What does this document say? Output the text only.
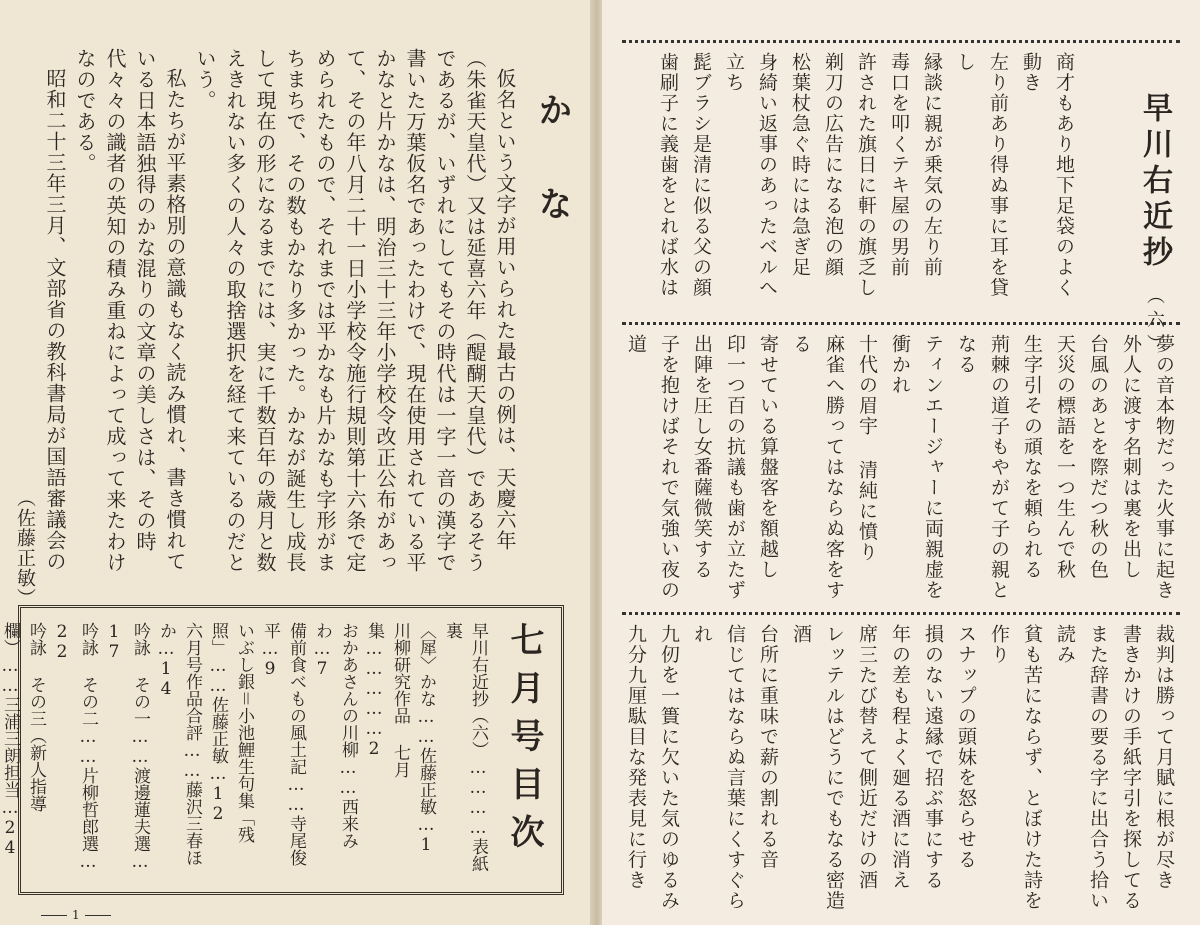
仮名という文字が用いられた最古の例は、天慶六年（朱雀天皇代）又は延喜六年（醍醐天皇代）であるそうであるが、いずれにしてもその時代は一字一音の漢字で書いた万葉仮名であったわけで、現在使用されている平かなと片かなは、明治三十三年小学校令改正公布があって、その年八月二十一日小学校令施行規則第十六条で定められたもので、それまでは平かなも片かなも字形がまちまちで、その数もかなり多かった。かなが誕生し成長して現在の形になるまでには、実に千数百年の歳月と数えきれない多くの人々の取捨選択を経て来ているのだという。

私たちが平素格別の意識もなく読み慣れ、書き慣れている日本語独得のかな混りの文章の美しさは、その時代々々の識者の英知の積み重ねによって成って来たわけなのである。

昭和二十三年三月、文部省の教科書局が国語審議会の

かな
（佐藤正敏）
七月号目次
早川右近抄（六）…………表紙裏
〈犀〉かな……佐藤正敏…1
川柳研究作品 七月集……………2
おかあさんの川柳……西来みわ…7
備前食べもの風土記……寺尾俊平…9
いぶし銀＝小池鯉生句集「残照」……佐藤正敏…12
六月号作品合評……藤沢三春ほか…14
吟詠 その一……渡邊蓮夫選…17
吟詠 その二……片柳哲郎選…22
吟詠 その三（新人指導欄）……三浦三朗担当…24
1
早川右近抄（六）
商才もあり地下足袋のよく動き
左り前あり得ぬ事に耳を貸し
縁談に親が乗気の左り前
毒口を叩くテキ屋の男前
許された旗日に軒の旗乏し
剃刀の広告になる泡の顔
松葉杖急ぐ時には急ぎ足
身綺い返事のあったベルへ立ち
髭ブラシ是清に似る父の顔
歯刷子に義歯をとれば水は
夢の音本物だった火事に起き
外人に渡す名刺は裏を出し
台風のあとを際だつ秋の色
天災の標語を一つ生んで秋
生字引その頑なを頼られる
荊棘の道子もやがて子の親となる
ティンエージャーに両親虚を衝かれ
十代の眉宇 清純に憤り
麻雀へ勝ってはならぬ客をする
寄せている算盤客を額越し
印一つ百の抗議も歯が立たず
出陣を圧し女番薩微笑する
子を抱けばそれで気強い夜の道
裁判は勝って月賦に根が尽き
書きかけの手紙字引を探してる
また辞書の要る字に出合う拾い読み
貧も苦にならず、とぼけた詩を作り
スナップの頭妹を怒らせる
損のない遠縁で招ぶ事にする
年の差も程よく廻る酒に消え
席三たび替えて側近だけの酒
レッテルはどうにでもなる密造酒
台所に重味で薪の割れる音
信じてはならぬ言葉にくすぐられ
九仞を一簣に欠いた気のゆるみ
九分九厘駄目な発表見に行き
